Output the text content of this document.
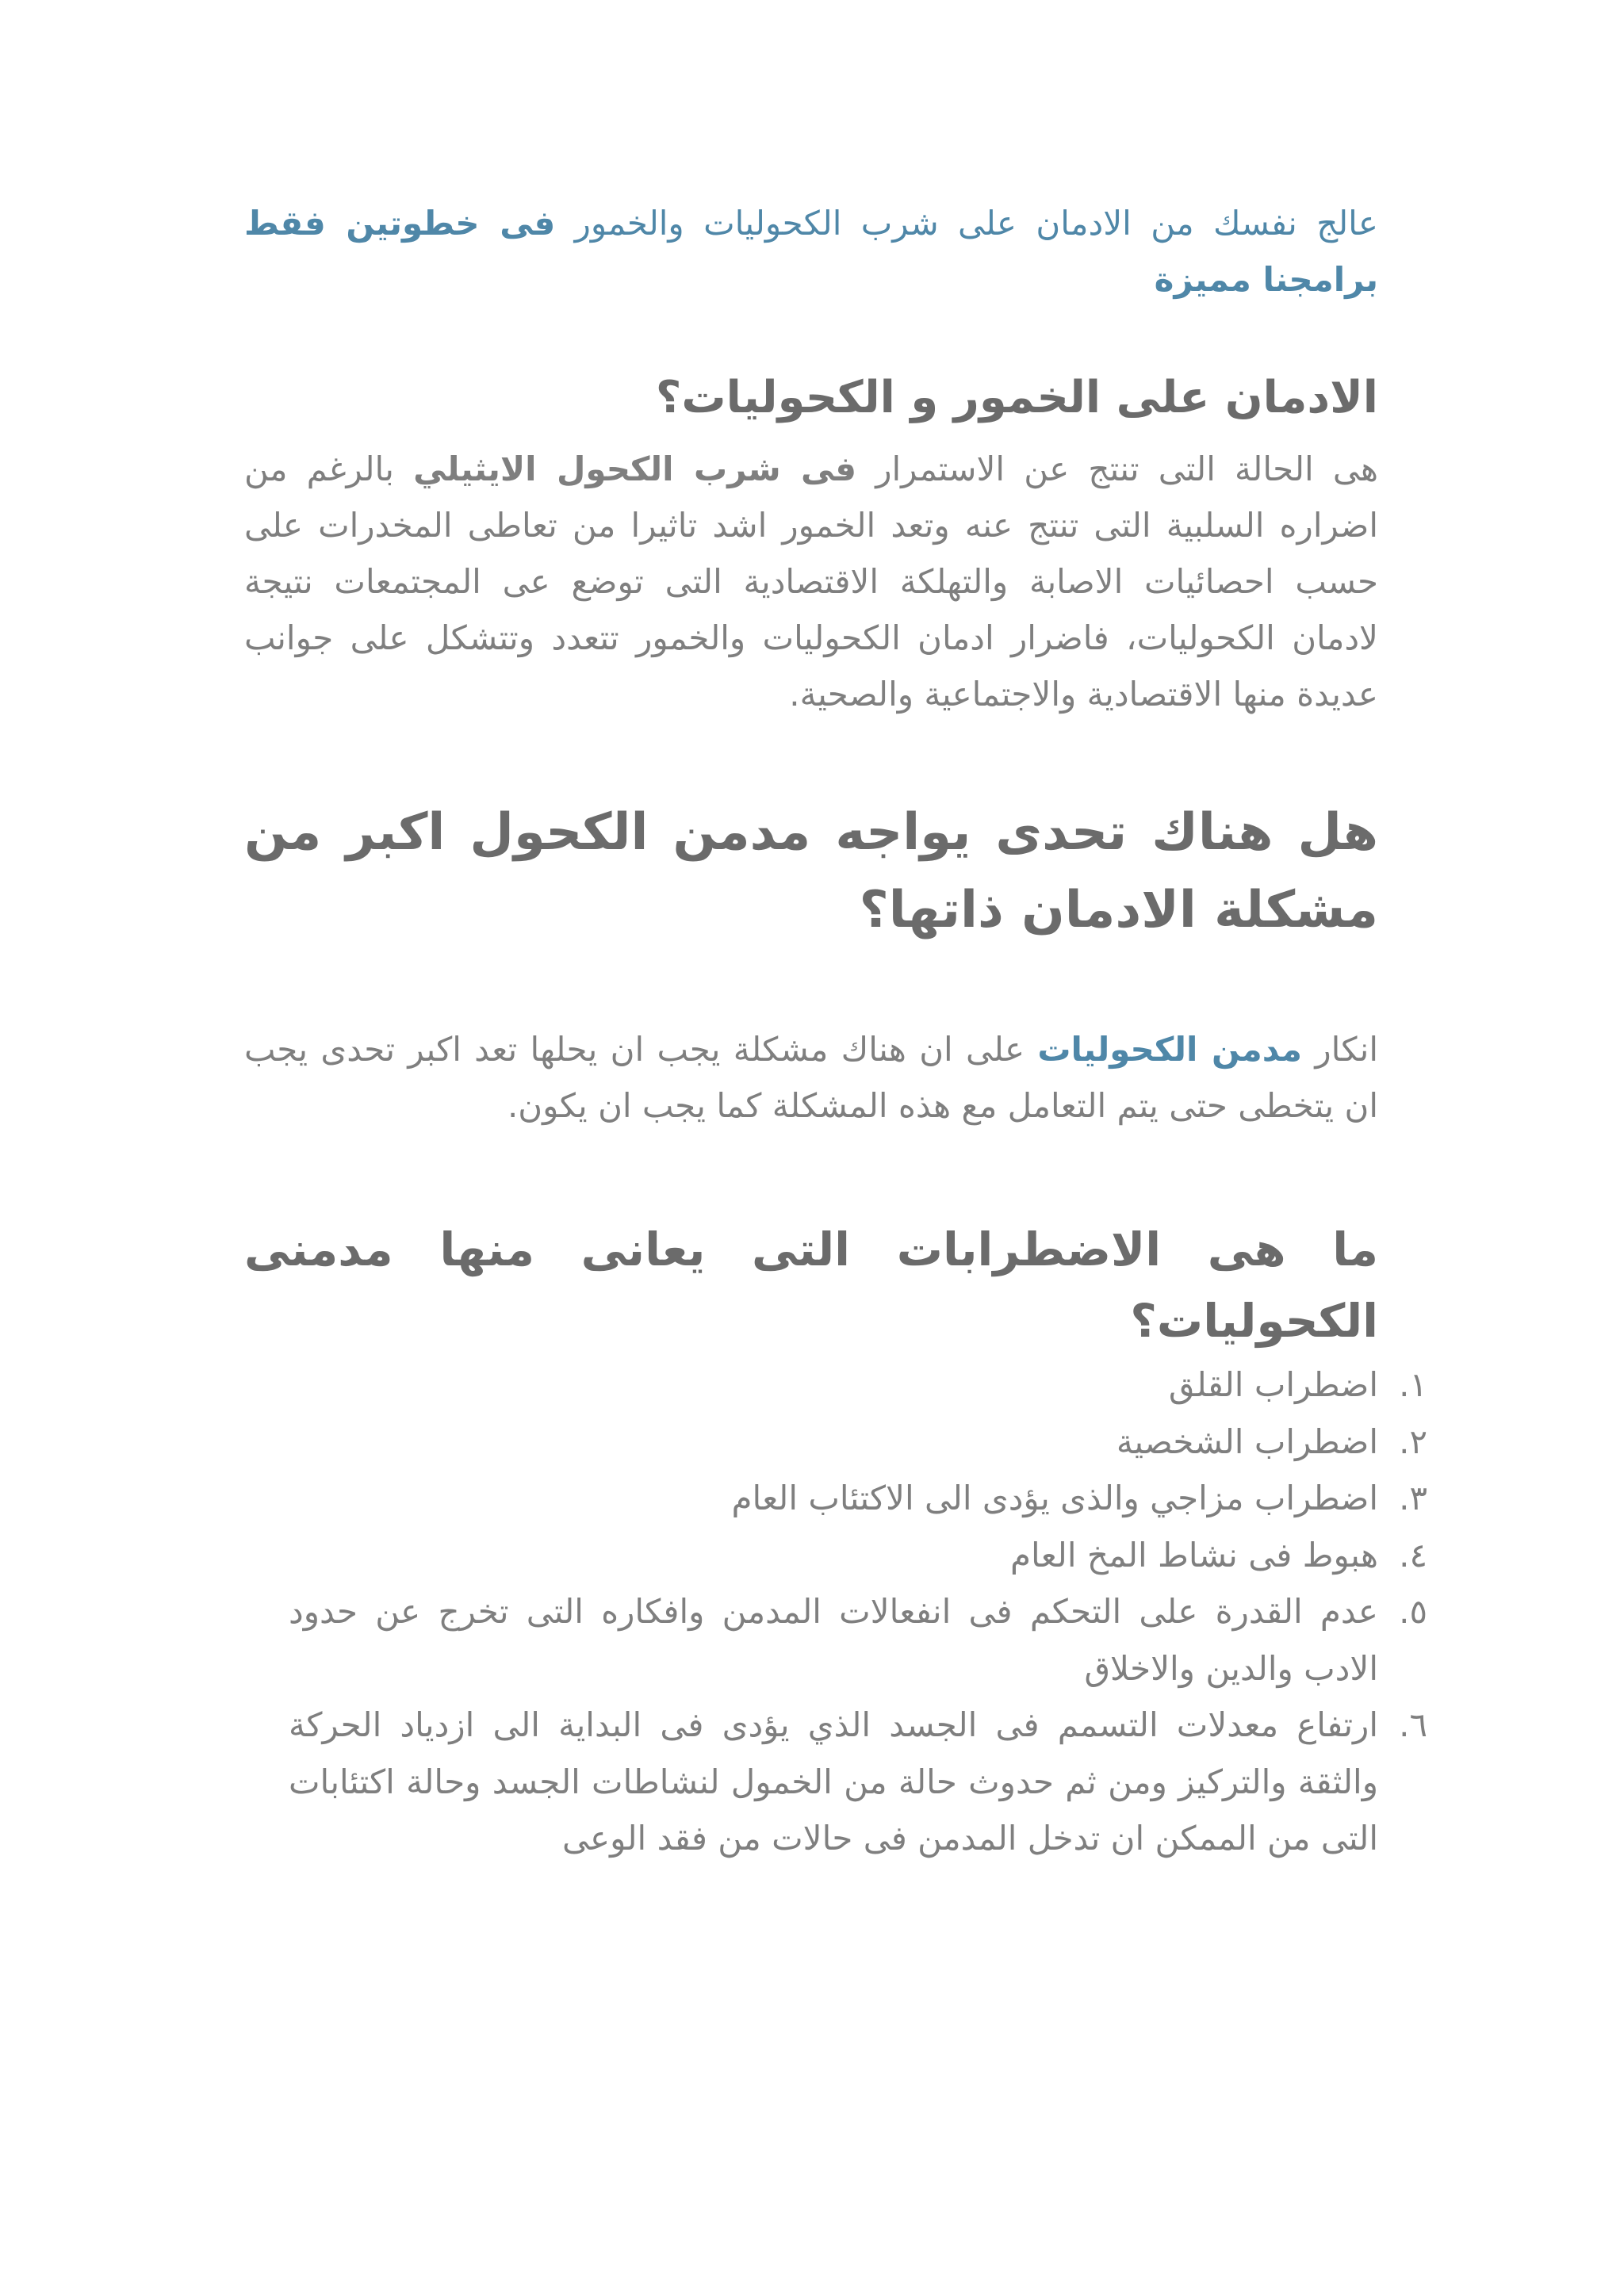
عالج نفسك من الادمان على شرب الكحوليات والخمور فى خطوتين فقط برامجنا مميزة

الادمان على الخمور و الكحوليات؟

هى الحالة التى تنتج عن الاستمرار فى شرب الكحول الايثيلي بالرغم من اضراره السلبية التى تنتج عنه وتعد الخمور اشد تاثيرا من تعاطى المخدرات على حسب احصائيات الاصابة والتهلكة الاقتصادية التى توضع عى المجتمعات نتيجة لادمان الكحوليات، فاضرار ادمان الكحوليات والخمور تتعدد وتتشكل على جوانب عديدة منها الاقتصادية والاجتماعية والصحية.

هل هناك تحدى يواجه مدمن الكحول اكبر من مشكلة الادمان ذاتها؟

انكار مدمن الكحوليات على ان هناك مشكلة يجب ان يحلها تعد اكبر تحدى يجب ان يتخطى حتى يتم التعامل مع هذه المشكلة كما يجب ان يكون.

ما هى الاضطرابات التى يعانى منها مدمنى الكحوليات؟
١.
اضطراب القلق
٢.
اضطراب الشخصية
٣.
اضطراب مزاجي والذى يؤدى الى الاكتئاب العام
٤.
هبوط فى نشاط المخ العام
٥.
عدم القدرة على التحكم فى انفعالات المدمن وافكاره التى تخرج عن حدود الادب والدين والاخلاق
٦.
ارتفاع معدلات التسمم فى الجسد الذي يؤدى فى البداية الى ازدياد الحركة والثقة والتركيز ومن ثم حدوث حالة من الخمول لنشاطات الجسد وحالة اكتئابات التى من الممكن ان تدخل المدمن فى حالات من فقد الوعى
